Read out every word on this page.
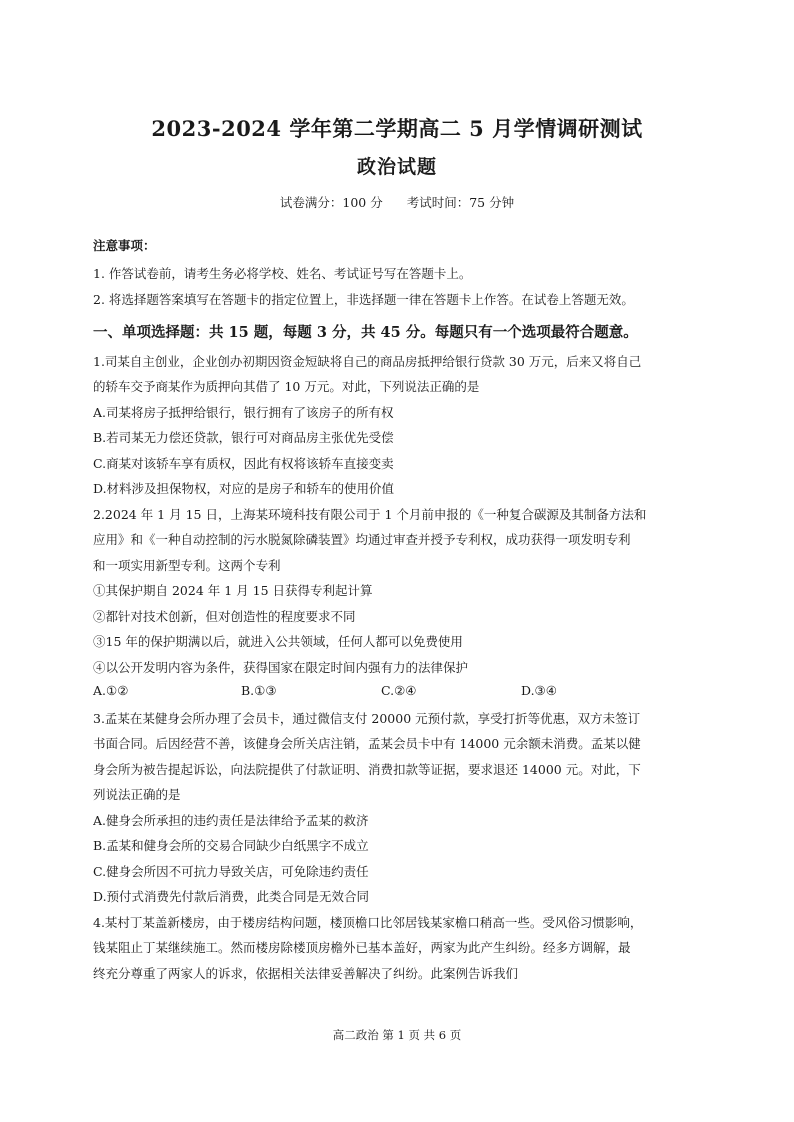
2023-2024 学年第二学期高二 5 月学情调研测试
政治试题
试卷满分：100 分 考试时间：75 分钟
注意事项：
1. 作答试卷前，请考生务必将学校、姓名、考试证号写在答题卡上。
2. 将选择题答案填写在答题卡的指定位置上，非选择题一律在答题卡上作答。在试卷上答题无效。
一、单项选择题：共 15 题，每题 3 分，共 45 分。每题只有一个选项最符合题意。
1.司某自主创业，企业创办初期因资金短缺将自己的商品房抵押给银行贷款 30 万元，后来又将自己
的轿车交予商某作为质押向其借了 10 万元。对此，下列说法正确的是
A.司某将房子抵押给银行，银行拥有了该房子的所有权
B.若司某无力偿还贷款，银行可对商品房主张优先受偿
C.商某对该轿车享有质权，因此有权将该轿车直接变卖
D.材料涉及担保物权，对应的是房子和轿车的使用价值
2.2024 年 1 月 15 日，上海某环境科技有限公司于 1 个月前申报的《一种复合碳源及其制备方法和
应用》和《一种自动控制的污水脱氮除磷装置》均通过审查并授予专利权，成功获得一项发明专利
和一项实用新型专利。这两个专利
①其保护期自 2024 年 1 月 15 日获得专利起计算
②都针对技术创新，但对创造性的程度要求不同
③15 年的保护期满以后，就进入公共领域，任何人都可以免费使用
④以公开发明内容为条件，获得国家在限定时间内强有力的法律保护
A.①②	B.①③	C.②④	D.③④
3.孟某在某健身会所办理了会员卡，通过微信支付 20000 元预付款，享受打折等优惠，双方未签订
书面合同。后因经营不善，该健身会所关店注销，孟某会员卡中有 14000 元余额未消费。孟某以健
身会所为被告提起诉讼，向法院提供了付款证明、消费扣款等证据，要求退还 14000 元。对此，下
列说法正确的是
A.健身会所承担的违约责任是法律给予孟某的救济
B.孟某和健身会所的交易合同缺少白纸黑字不成立
C.健身会所因不可抗力导致关店，可免除违约责任
D.预付式消费先付款后消费，此类合同是无效合同
4.某村丁某盖新楼房，由于楼房结构问题，楼顶檐口比邻居钱某家檐口稍高一些。受风俗习惯影响，
钱某阻止丁某继续施工。然而楼房除楼顶房檐外已基本盖好，两家为此产生纠纷。经多方调解，最
终充分尊重了两家人的诉求，依据相关法律妥善解决了纠纷。此案例告诉我们
高二政治 第 1 页 共 6 页
